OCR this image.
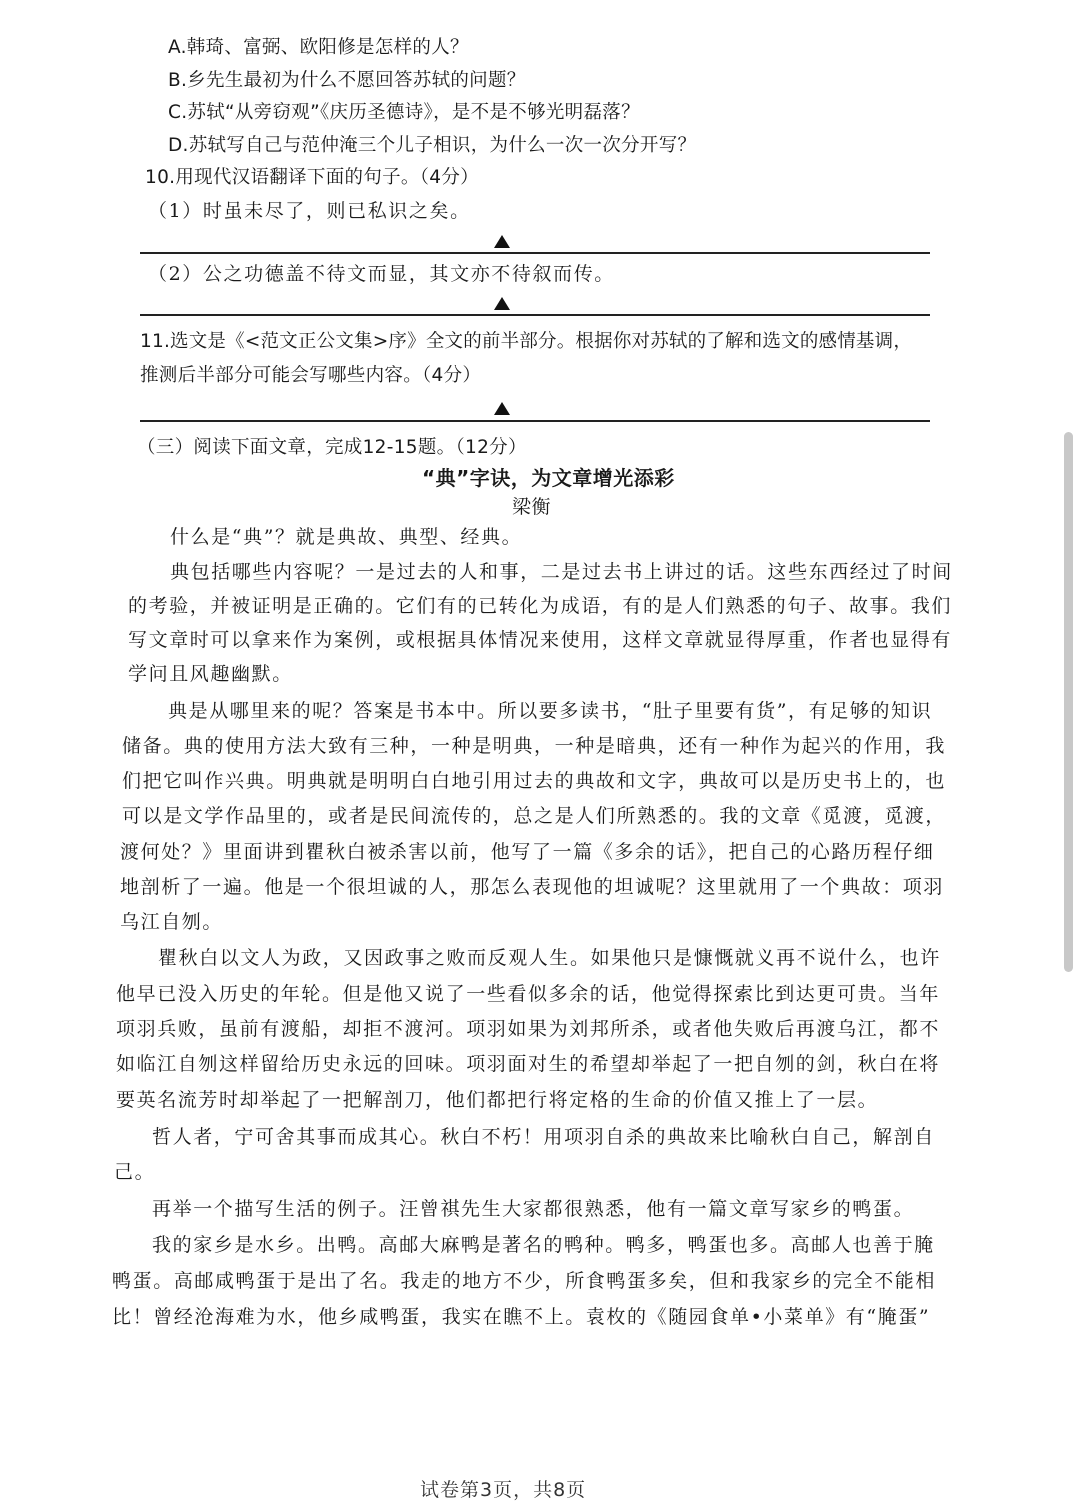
A.韩琦、富弼、欧阳修是怎样的人？
B.乡先生最初为什么不愿回答苏轼的问题？
C.苏轼“从旁窃观”《庆历圣德诗》，是不是不够光明磊落？
D.苏轼写自己与范仲淹三个儿子相识，为什么一次一次分开写？
10.用现代汉语翻译下面的句子。（4分）
（1）时虽未尽了，则已私识之矣。
（2）公之功德盖不待文而显，其文亦不待叙而传。
11.选文是《<范文正公文集>序》全文的前半部分。根据你对苏轼的了解和选文的感情基调，
推测后半部分可能会写哪些内容。（4分）
（三）阅读下面文章，完成12-15题。（12分）
“典”字诀，为文章增光添彩
梁衡
什么是“典”？就是典故、典型、经典。
典包括哪些内容呢？一是过去的人和事，二是过去书上讲过的话。这些东西经过了时间
的考验，并被证明是正确的。它们有的已转化为成语，有的是人们熟悉的句子、故事。我们
写文章时可以拿来作为案例，或根据具体情况来使用，这样文章就显得厚重，作者也显得有
学问且风趣幽默。
典是从哪里来的呢？答案是书本中。所以要多读书，“肚子里要有货”，有足够的知识
储备。典的使用方法大致有三种，一种是明典，一种是暗典，还有一种作为起兴的作用，我
们把它叫作兴典。明典就是明明白白地引用过去的典故和文字，典故可以是历史书上的，也
可以是文学作品里的，或者是民间流传的，总之是人们所熟悉的。我的文章《觅渡，觅渡，
渡何处？》里面讲到瞿秋白被杀害以前，他写了一篇《多余的话》，把自己的心路历程仔细
地剖析了一遍。他是一个很坦诚的人，那怎么表现他的坦诚呢？这里就用了一个典故：项羽
乌江自刎。
瞿秋白以文人为政，又因政事之败而反观人生。如果他只是慷慨就义再不说什么，也许
他早已没入历史的年轮。但是他又说了一些看似多余的话，他觉得探索比到达更可贵。当年
项羽兵败，虽前有渡船，却拒不渡河。项羽如果为刘邦所杀，或者他失败后再渡乌江，都不
如临江自刎这样留给历史永远的回味。项羽面对生的希望却举起了一把自刎的剑，秋白在将
要英名流芳时却举起了一把解剖刀，他们都把行将定格的生命的价值又推上了一层。
哲人者，宁可舍其事而成其心。秋白不朽！用项羽自杀的典故来比喻秋白自己，解剖自
己。
再举一个描写生活的例子。汪曾祺先生大家都很熟悉，他有一篇文章写家乡的鸭蛋。
我的家乡是水乡。出鸭。高邮大麻鸭是著名的鸭种。鸭多，鸭蛋也多。高邮人也善于腌
鸭蛋。高邮咸鸭蛋于是出了名。我走的地方不少，所食鸭蛋多矣，但和我家乡的完全不能相
比！曾经沧海难为水，他乡咸鸭蛋，我实在瞧不上。袁枚的《随园食单•小菜单》有“腌蛋”
试卷第3页，共8页
